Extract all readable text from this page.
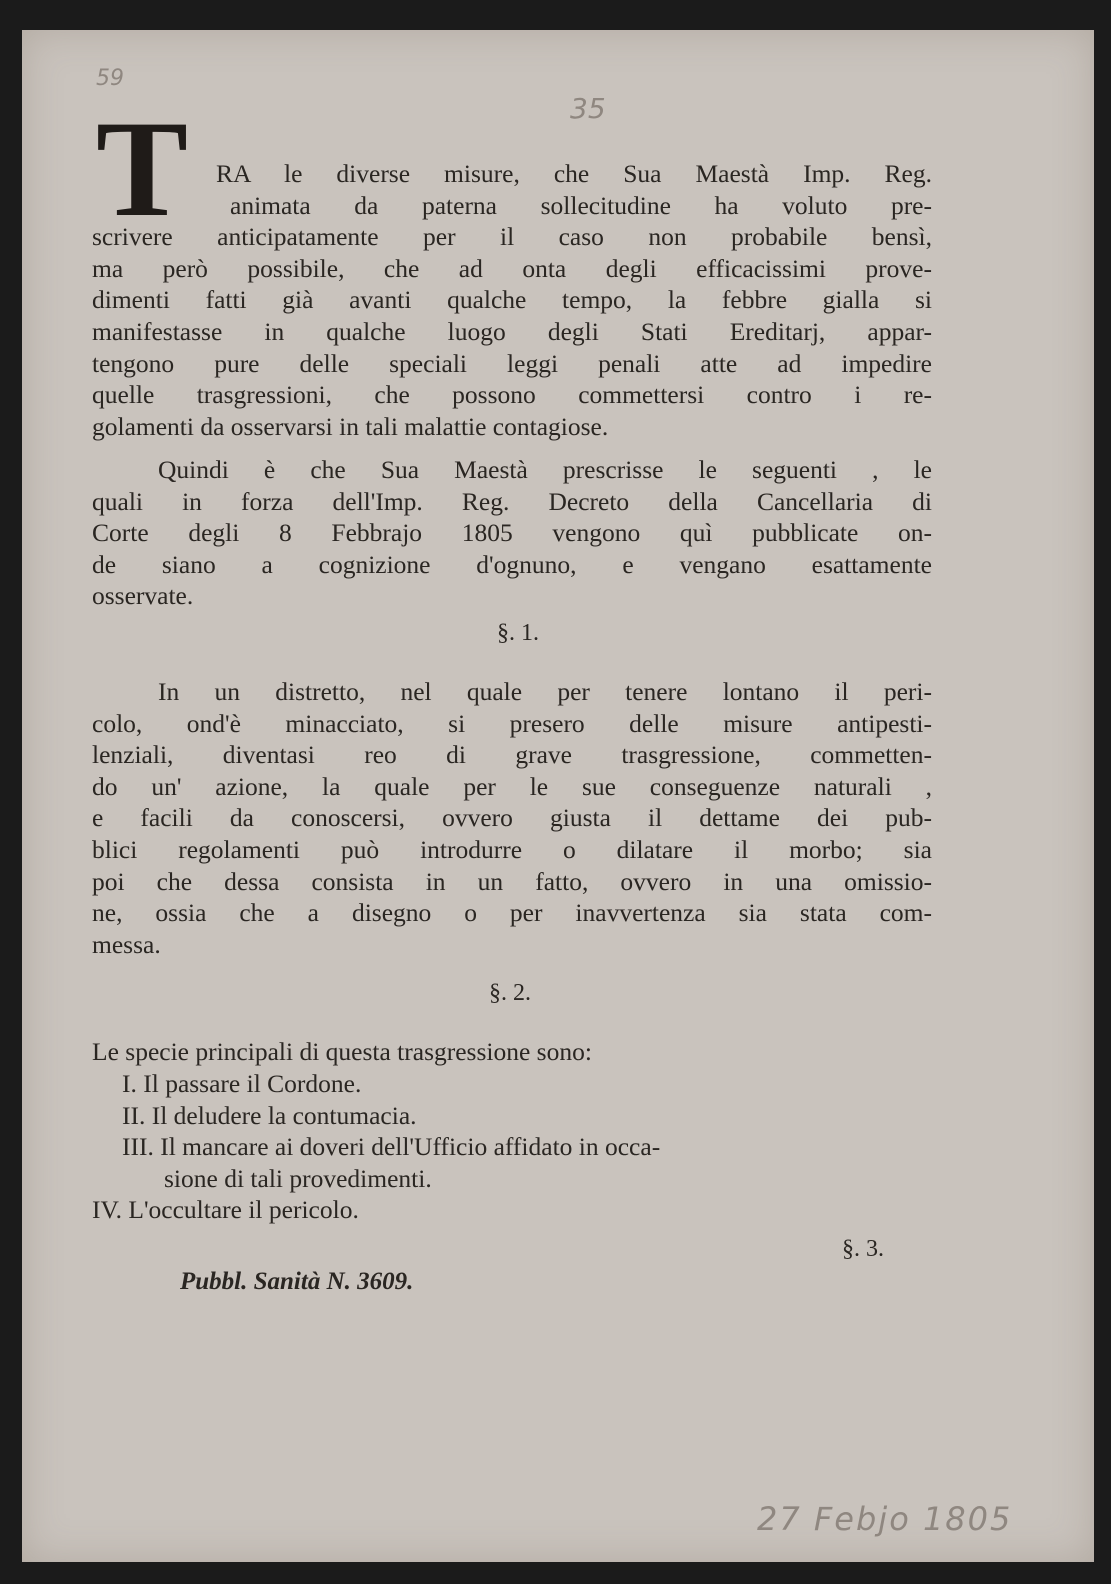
59
35
27 Febjo 1805
T	RA le diverse misure, che Sua Maestà Imp. Reg.
animata da paterna sollecitudine ha voluto pre-
scrivere anticipatamente per il caso non probabile bensì,
ma però possibile, che ad onta degli efficacissimi prove-
dimenti fatti già avanti qualche tempo, la febbre gialla si
manifestasse in qualche luogo degli Stati Ereditarj, appar-
tengono pure delle speciali leggi penali atte ad impedire
quelle trasgressioni, che possono commettersi contro i re-
golamenti da osservarsi in tali malattie contagiose.
Quindi è che Sua Maestà prescrisse le seguenti , le
quali in forza dell'Imp. Reg. Decreto della Cancellaria di
Corte degli 8 Febbrajo 1805 vengono quì pubblicate on-
de siano a cognizione d'ognuno, e vengano esattamente
osservate.
§. 1.
In un distretto, nel quale per tenere lontano il peri-
colo, ond'è minacciato, si presero delle misure antipesti-
lenziali, diventasi reo di grave trasgressione, commetten-
do un' azione, la quale per le sue conseguenze naturali ,
e facili da conoscersi, ovvero giusta il dettame dei pub-
blici regolamenti può introdurre o dilatare il morbo; sia
poi che dessa consista in un fatto, ovvero in una omissio-
ne, ossia che a disegno o per inavvertenza sia stata com-
messa.
§. 2.
Le specie principali di questa trasgressione sono:
I. Il passare il Cordone.
II. Il deludere la contumacia.
III. Il mancare ai doveri dell'Ufficio affidato in occa-
sione di tali provedimenti.
IV. L'occultare il pericolo.
§. 3.
Pubbl. Sanità N. 3609.
